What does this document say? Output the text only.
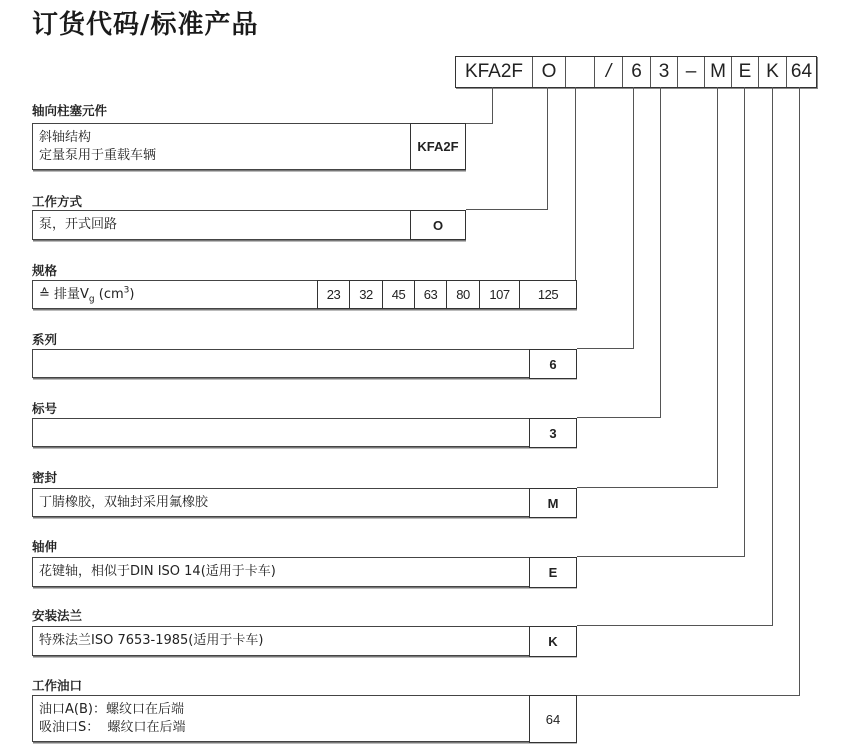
订货代码/标准产品
KFA2F O	/	6 3 – M E K 64
轴向柱塞元件
斜轴结构
定量泵用于重载车辆
KFA2F
工作方式
泵，开式回路	O
规格
≙ 排量$V_g$ $(cm^3)$	23	32	45	63	80	107	125
系列
6
标号
3
密封
丁腈橡胶，双轴封采用氟橡胶	M
轴伸
花键轴，相似于DIN ISO 14(适用于卡车)	E
安装法兰
特殊法兰ISO 7653-1985(适用于卡车)	K
工作油口
油口A(B)：螺纹口在后端
吸油口S：  螺纹口在后端
64
